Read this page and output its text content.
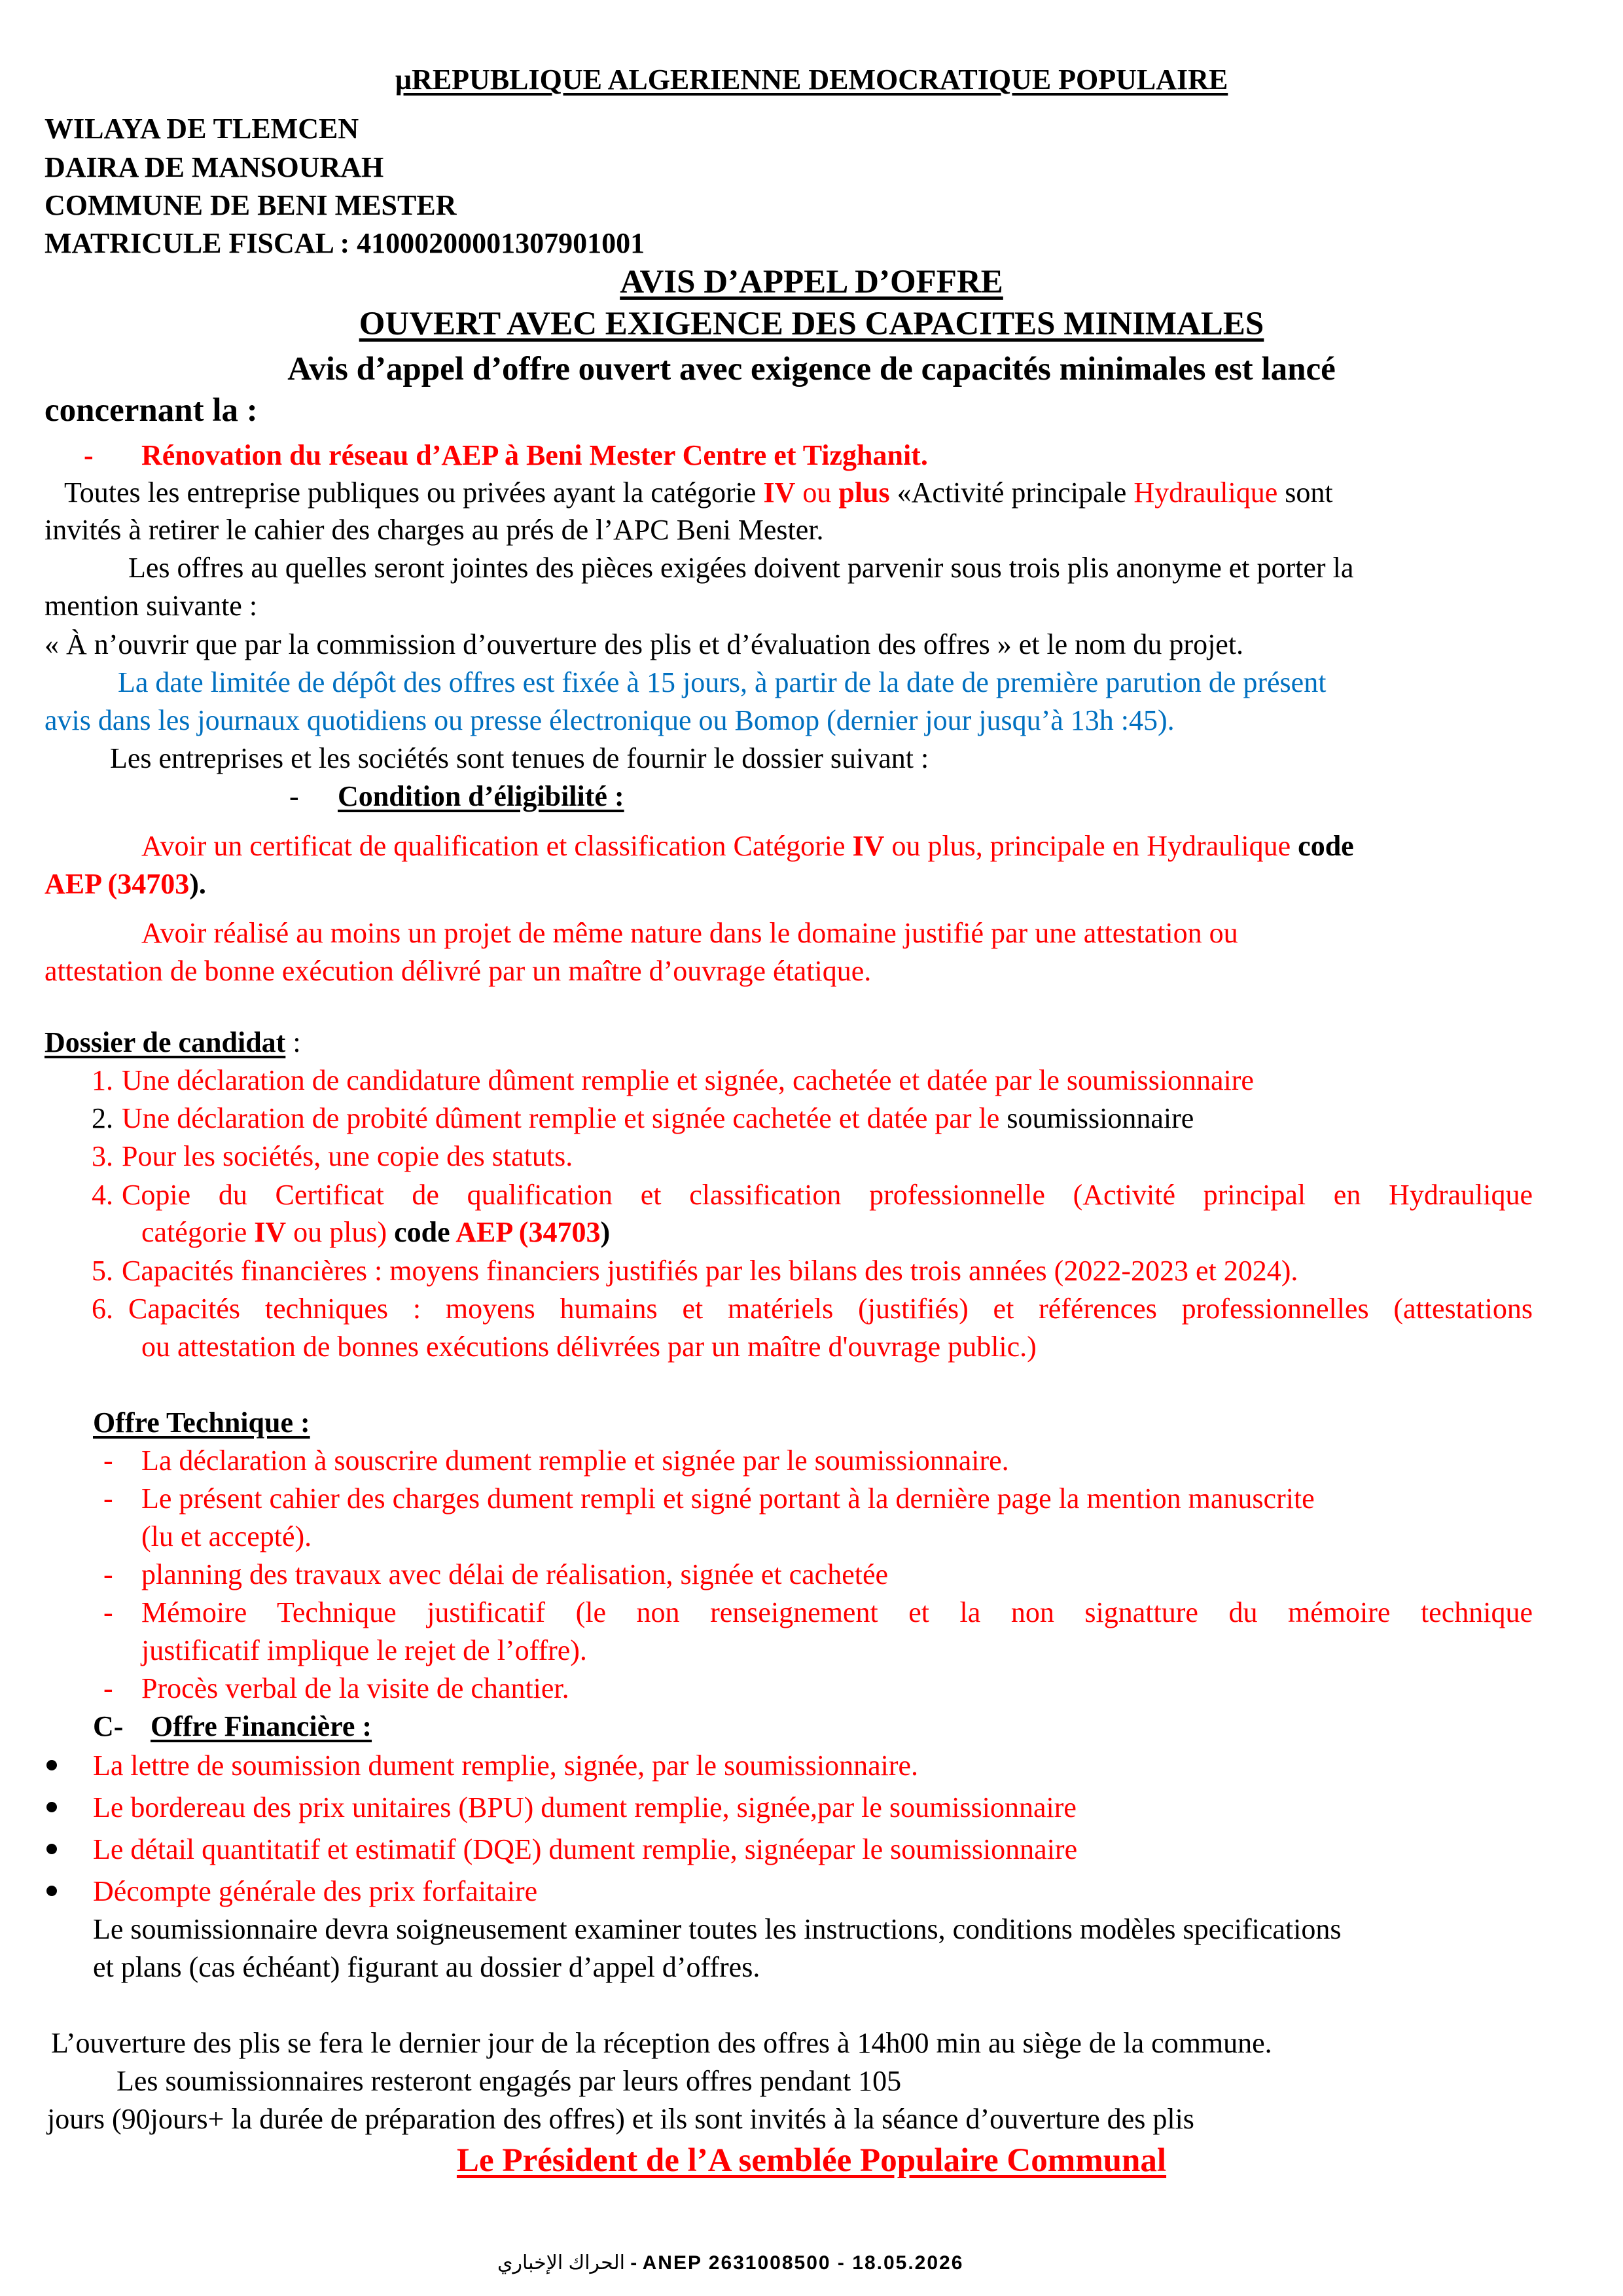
µREPUBLIQUE ALGERIENNE DEMOCRATIQUE POPULAIRE
WILAYA DE TLEMCEN
DAIRA DE MANSOURAH
COMMUNE DE BENI MESTER
MATRICULE FISCAL : 410002000013079010​01
AVIS D’APPEL D’OFFRE
OUVERT AVEC EXIGENCE DES CAPACITES MINIMALES
Avis d’appel d’offre ouvert avec exigence de capacités minimales est lancé
concernant la :
- Rénovation du réseau d’AEP à Beni Mester Centre et Tizghanit.
Toutes les entreprise publiques ou privées ayant la catégorie IV ou plus «Activité principale Hydraulique sont
invités à retirer le cahier des charges au prés de l’APC Beni Mester.
Les offres au quelles seront jointes des pièces exigées doivent parvenir sous trois plis anonyme et porter la
mention suivante :
« À n’ouvrir que par la commission d’ouverture des plis et d’évaluation des offres » et le nom du projet.
La date limitée de dépôt des offres est fixée à 15 jours, à partir de la date de première parution de présent
avis dans les journaux quotidiens ou presse électronique ou Bomop (dernier jour jusqu’à 13h :45).
Les entreprises et les sociétés sont tenues de fournir le dossier suivant :
- Condition d’éligibilité :
Avoir un certificat de qualification et classification Catégorie IV ou plus, principale en Hydraulique code
AEP (34703).
Avoir réalisé au moins un projet de même nature dans le domaine justifié par une attestation ou
attestation de bonne exécution délivré par un maître d’ouvrage étatique.
Dossier de candidat :
1. Une déclaration de candidature dûment remplie et signée, cachetée et datée par le soumissionnaire
2. Une déclaration de probité dûment remplie et signée cachetée et datée par le soumissionnaire
3. Pour les sociétés, une copie des statuts.
4. Copie du Certificat de qualification et classification professionnelle (Activité principal en Hydraulique
catégorie IV ou plus) code AEP (34703)
5. Capacités financières : moyens financiers justifiés par les bilans des trois années (2022-2023 et 2024).
6. Capacités techniques : moyens humains et matériels (justifiés) et références professionnelles (attestations
ou attestation de bonnes exécutions délivrées par un maître d'ouvrage public.)
Offre Technique :
- La déclaration à souscrire dument remplie et signée par le soumissionnaire.
- Le présent cahier des charges dument rempli et signé portant à la dernière page la mention manuscrite
(lu et accepté).
- planning des travaux avec délai de réalisation, signée et cachetée
- Mémoire Technique justificatif (le non renseignement et la non signatture du mémoire technique
justificatif implique le rejet de l’offre).
- Procès verbal de la visite de chantier.
C- Offre Financière :
La lettre de soumission dument remplie, signée, par le soumissionnaire.
Le bordereau des prix unitaires (BPU) dument remplie, signée,par le soumissionnaire
Le détail quantitatif et estimatif (DQE) dument remplie, signéepar le soumissionnaire
Décompte générale des prix forfaitaire
Le soumissionnaire devra soigneusement examiner toutes les instructions, conditions modèles specifications
et plans (cas échéant) figurant au dossier d’appel d’offres.
L’ouverture des plis se fera le dernier jour de la réception des offres à 14h00 min au siège de la commune.
Les soumissionnaires resteront engagés par leurs offres pendant 105
jours (90jours+ la durée de préparation des offres) et ils sont invités à la séance d’ouverture des plis
Le Président de l’A semblée Populaire Communal
الحراك الإخباري - ANEP 2631008500 - 18.05.2026
